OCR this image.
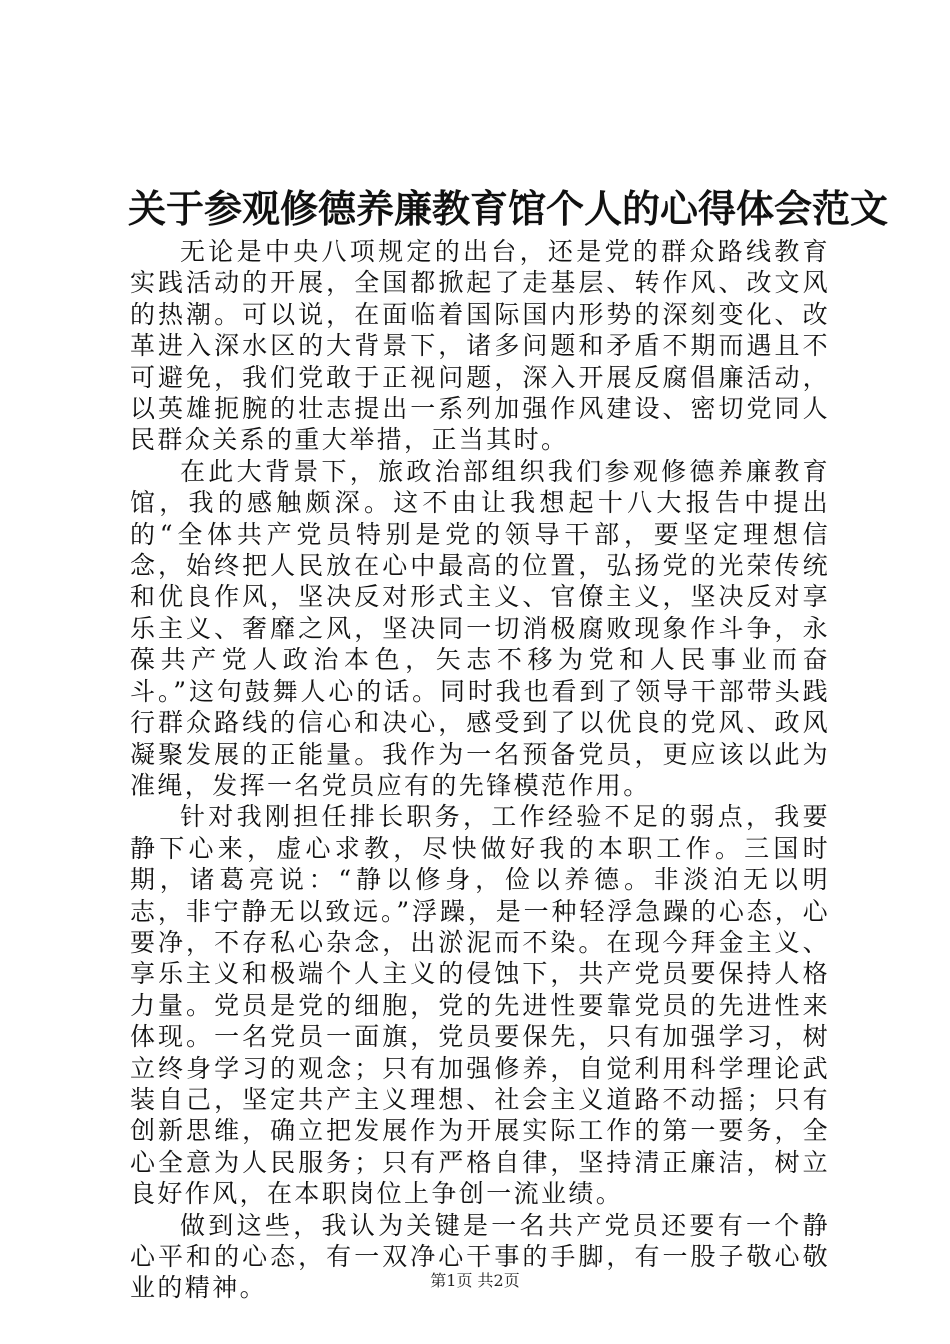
关于参观修德养廉教育馆个人的心得体会范文

无论是中央八项规定的出台，还是党的群众路线教育实践活动的开展，全国都掀起了走基层、转作风、改文风的热潮。可以说，在面临着国际国内形势的深刻变化、改革进入深水区的大背景下，诸多问题和矛盾不期而遇且不可避免，我们党敢于正视问题，深入开展反腐倡廉活动，以英雄扼腕的壮志提出一系列加强作风建设、密切党同人民群众关系的重大举措，正当其时。

在此大背景下，旅政治部组织我们参观修德养廉教育馆，我的感触颇深。这不由让我想起十八大报告中提出的“全体共产党员特别是党的领导干部，要坚定理想信念，始终把人民放在心中最高的位置，弘扬党的光荣传统和优良作风，坚决反对形式主义、官僚主义，坚决反对享乐主义、奢靡之风，坚决同一切消极腐败现象作斗争，永葆共产党人政治本色，矢志不移为党和人民事业而奋斗。”这句鼓舞人心的话。同时我也看到了领导干部带头践行群众路线的信心和决心，感受到了以优良的党风、政风凝聚发展的正能量。我作为一名预备党员，更应该以此为准绳，发挥一名党员应有的先锋模范作用。

针对我刚担任排长职务，工作经验不足的弱点，我要静下心来，虚心求教，尽快做好我的本职工作。三国时期，诸葛亮说：“静以修身，俭以养德。非淡泊无以明志，非宁静无以致远。”浮躁，是一种轻浮急躁的心态，心要净，不存私心杂念，出淤泥而不染。在现今拜金主义、享乐主义和极端个人主义的侵蚀下，共产党员要保持人格力量。党员是党的细胞，党的先进性要靠党员的先进性来体现。一名党员一面旗，党员要保先，只有加强学习，树立终身学习的观念；只有加强修养，自觉利用科学理论武装自己，坚定共产主义理想、社会主义道路不动摇；只有创新思维，确立把发展作为开展实际工作的第一要务，全心全意为人民服务；只有严格自律，坚持清正廉洁，树立良好作风，在本职岗位上争创一流业绩。

做到这些，我认为关键是一名共产党员还要有一个静心平和的心态，有一双净心干事的手脚，有一股子敬心敬业的精神。	第1页 共2页
